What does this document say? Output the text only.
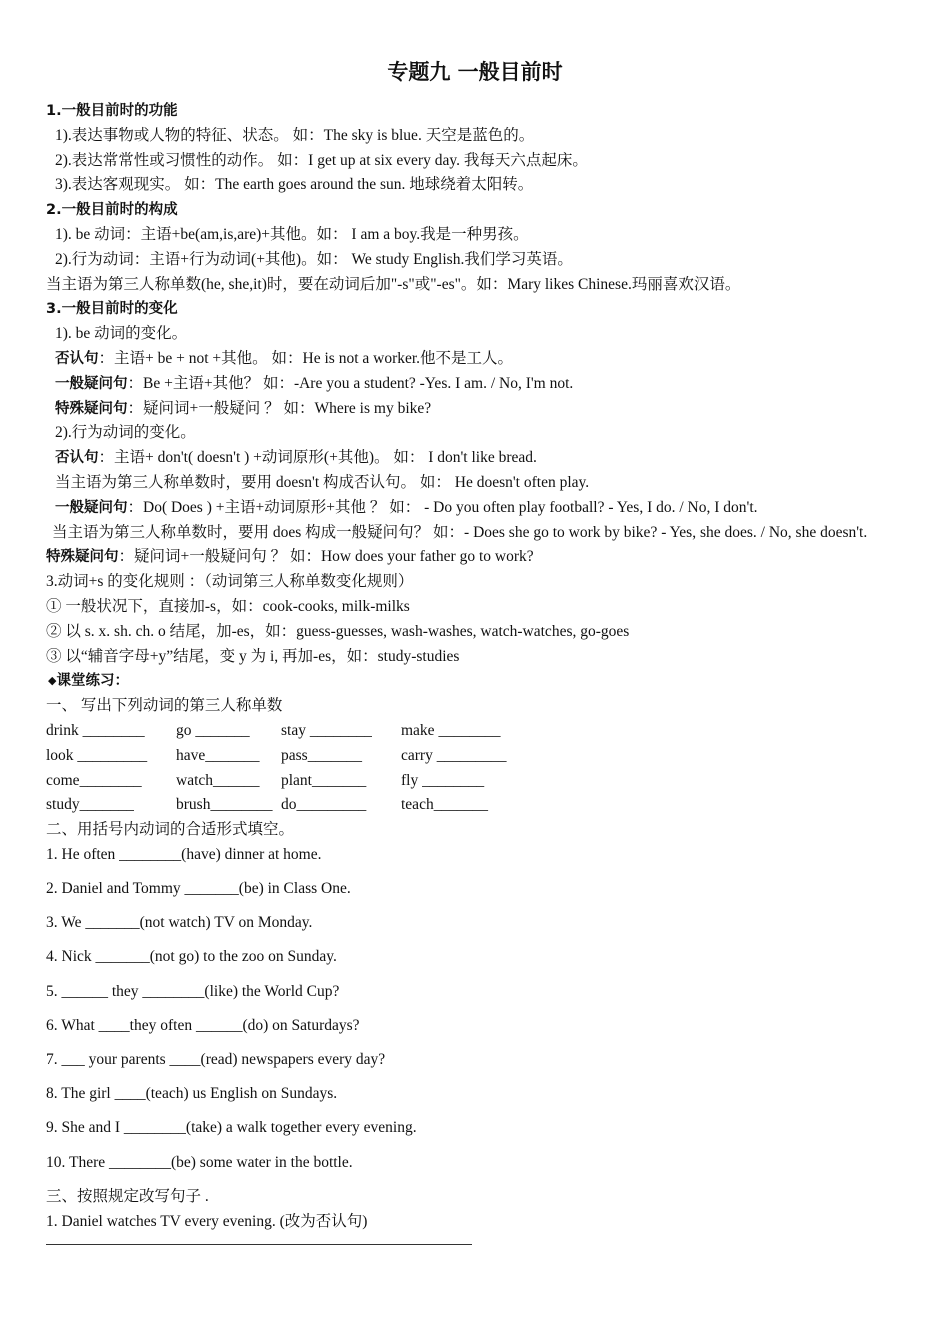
专题九 一般目前时
1.一般目前时的功能
1).表达事物或人物的特征、状态。 如：The sky is blue. 天空是蓝色的。
2).表达常常性或习惯性的动作。 如：I get up at six every day. 我每天六点起床。
3).表达客观现实。 如：The earth goes around the sun. 地球绕着太阳转。
2.一般目前时的构成
1). be 动词：主语+be(am,is,are)+其他。如： I am a boy.我是一种男孩。
2).行为动词：主语+行为动词(+其他)。如： We study English.我们学习英语。
当主语为第三人称单数(he, she,it)时，要在动词后加"-s"或"-es"。如：Mary likes Chinese.玛丽喜欢汉语。
3.一般目前时的变化
1). be 动词的变化。
否认句：主语+ be + not +其他。 如：He is not a worker.他不是工人。
一般疑问句：Be +主语+其他？ 如：-Are you a student? -Yes. I am. / No, I'm not.
特殊疑问句：疑问词+一般疑问 ？ 如：Where is my bike?
2).行为动词的变化。
否认句：主语+ don't( doesn't ) +动词原形(+其他)。 如： I don't like bread.
当主语为第三人称单数时，要用 doesn't 构成否认句。 如： He doesn't often play.
一般疑问句：Do( Does ) +主语+动词原形+其他 ？ 如： - Do you often play football? - Yes, I do. / No, I don't.
当主语为第三人称单数时，要用 does 构成一般疑问句？ 如：- Does she go to work by bike? - Yes, she does. / No, she doesn't.
特殊疑问句：疑问词+一般疑问句 ？ 如：How does your father go to work?
3.动词+s 的变化规则 ：（动词第三人称单数变化规则）
① 一般状况下，直接加-s，如：cook-cooks, milk-milks
② 以 s. x. sh. ch. o 结尾，加-es，如：guess-guesses, wash-washes, watch-watches, go-goes
③ 以“辅音字母+y”结尾，变 y 为 i, 再加-es，如：study-studies
◆课堂练习：
一、 写出下列动词的第三人称单数
drink ________	go _______	stay ________	make ________
look _________	have_______	pass_______	carry _________
come________	watch______	plant_______	fly ________
study_______	brush________ do_________	teach_______
二、用括号内动词的合适形式填空。
1. He often ________(have) dinner at home.
2. Daniel and Tommy _______(be) in Class One.
3. We _______(not watch) TV on Monday.
4. Nick _______(not go) to the zoo on Sunday.
5. ______ they ________(like) the World Cup?
6. What ____they often ______(do) on Saturdays?
7. ___ your parents ____(read) newspapers every day?
8. The girl ____(teach) us English on Sundays.
9. She and I ________(take) a walk together every evening.
10. There ________(be) some water in the bottle.
三、按照规定改写句子 .
1. Daniel watches TV every evening. (改为否认句)
